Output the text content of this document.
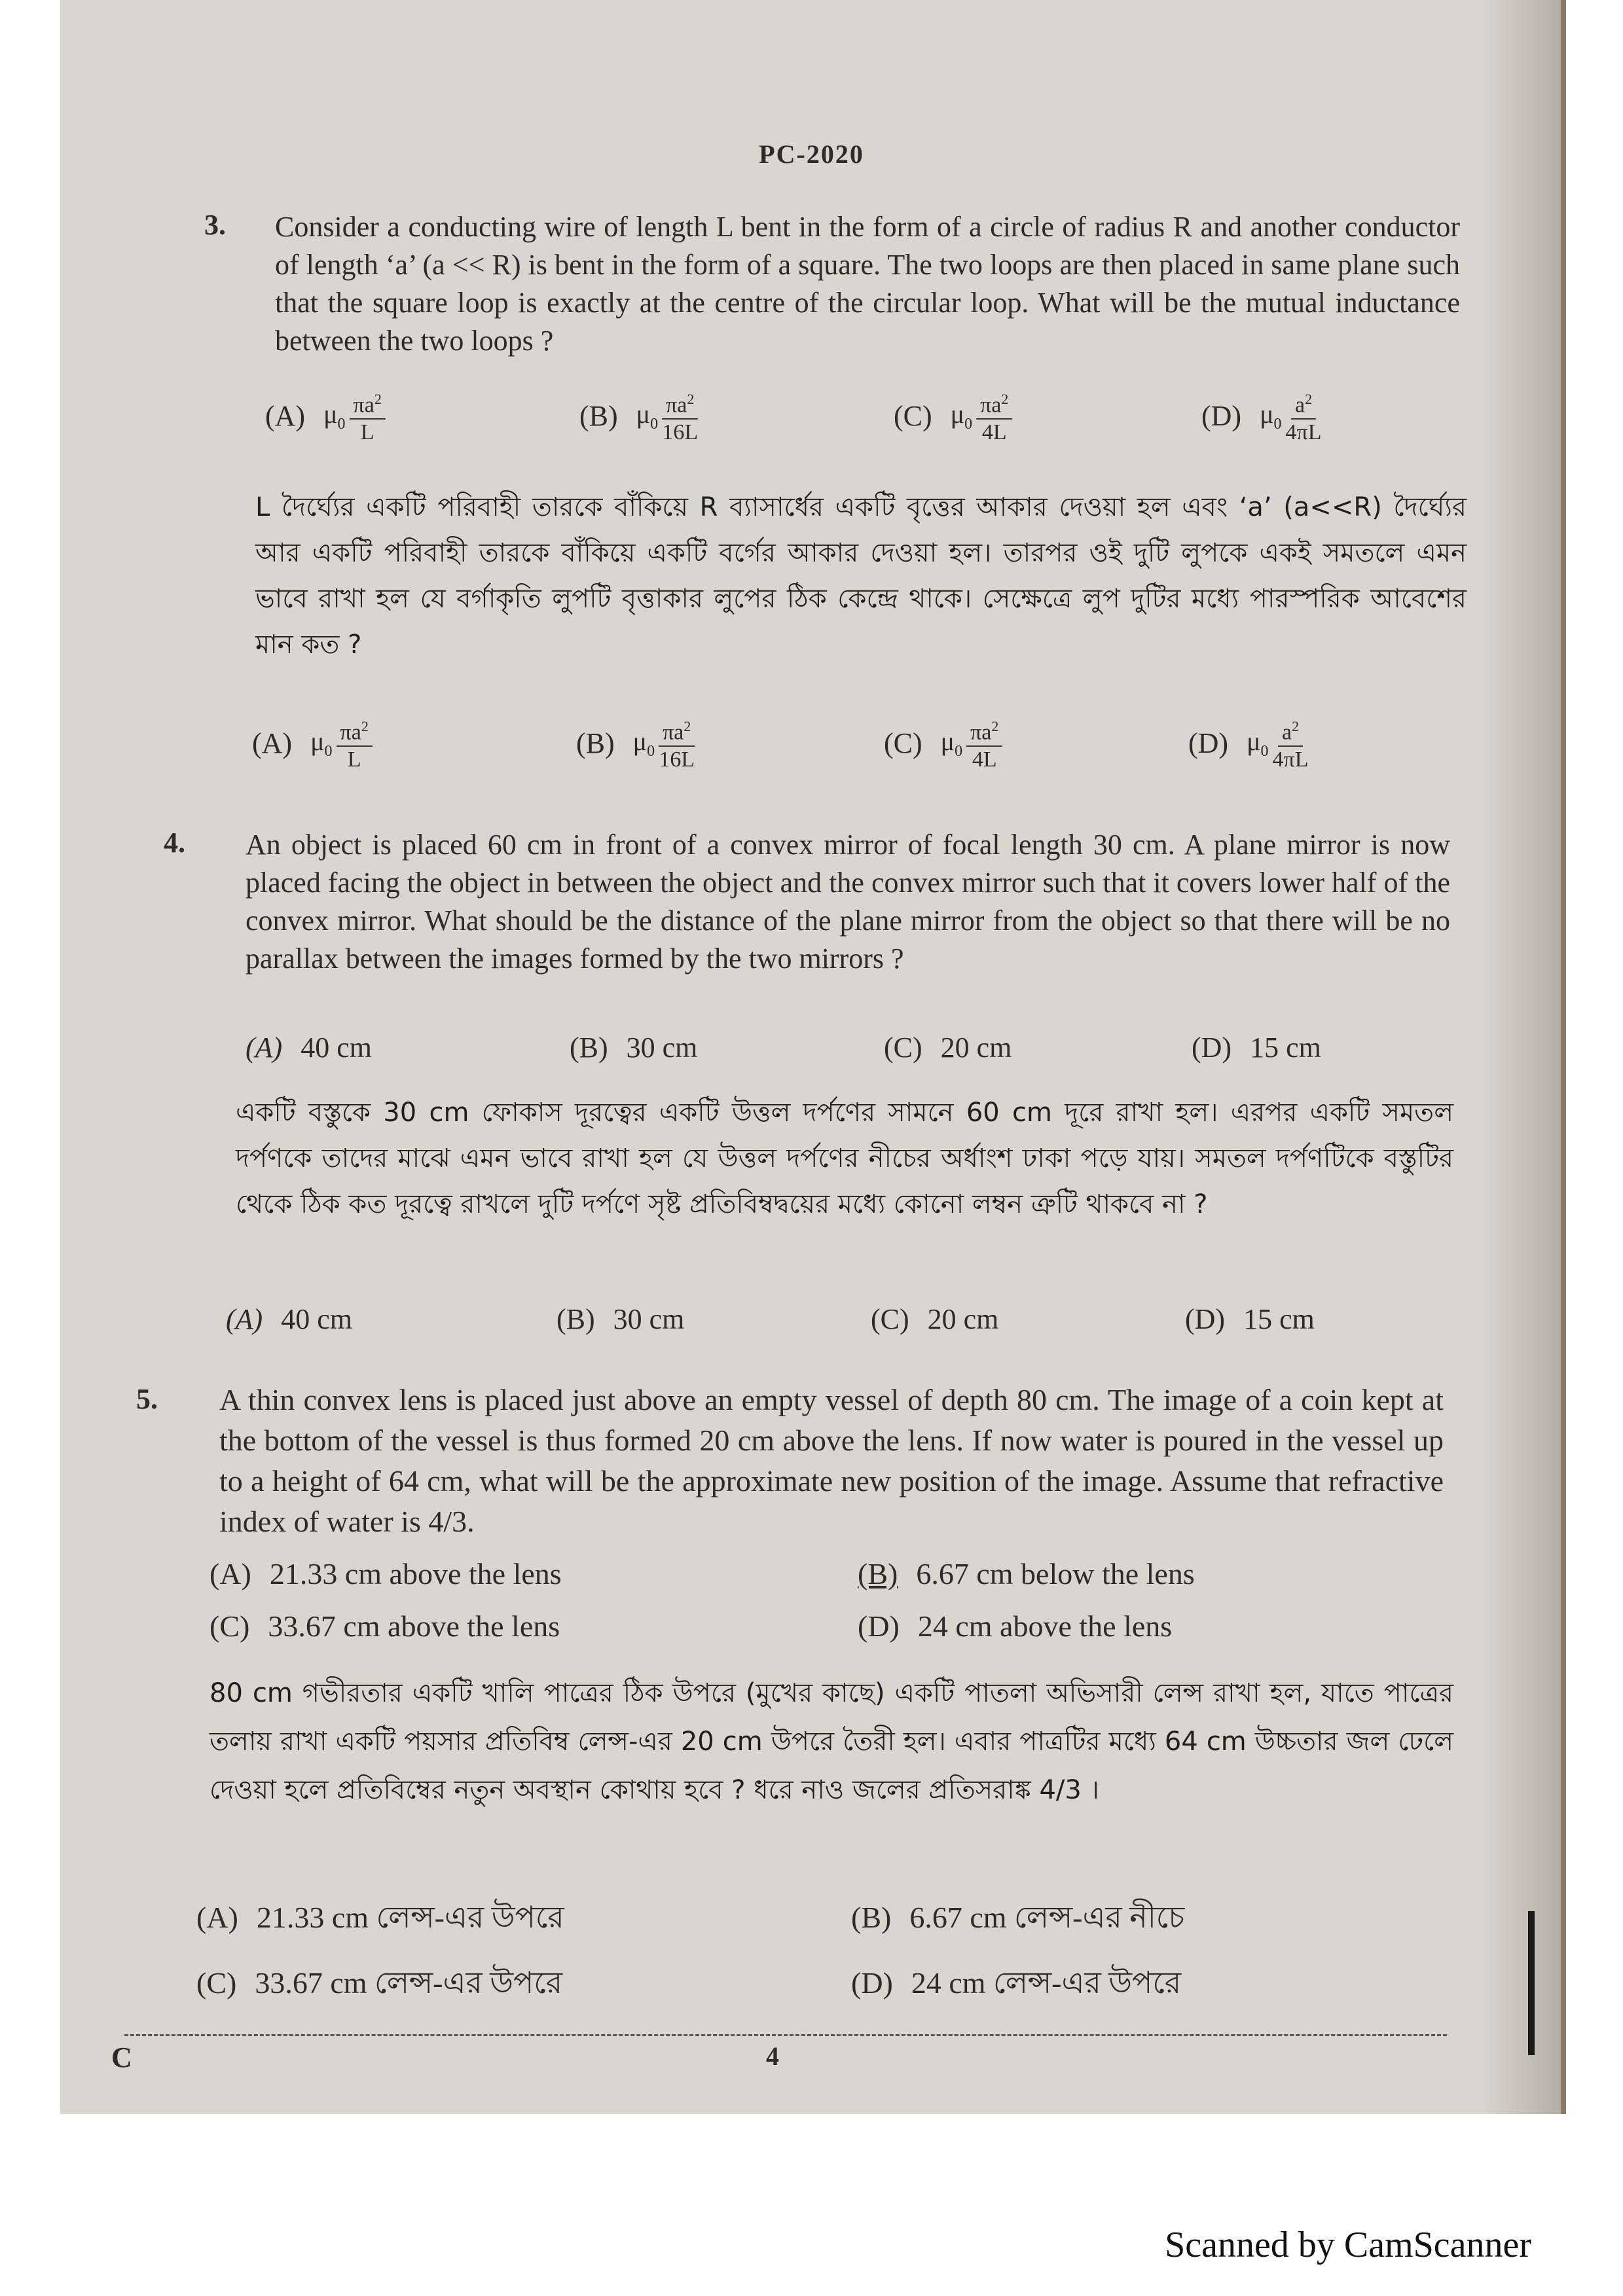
PC-2020
3. Consider a conducting wire of length L bent in the form of a circle of radius R and another conductor of length ‘a’ (a << R) is bent in the form of a square. The two loops are then placed in same plane such that the square loop is exactly at the centre of the circular loop. What will be the mutual inductance between the two loops ?
(A) $\mu_0 \frac{\pi a^2}{L}$	(B) $\mu_0 \frac{\pi a^2}{16L}$	(C) $\mu_0 \frac{\pi a^2}{4L}$	(D) $\mu_0 \frac{a^2}{4\pi L}$
L দৈর্ঘ্যের একটি পরিবাহী তারকে বাঁকিয়ে R ব্যাসার্ধের একটি বৃত্তের আকার দেওয়া হল এবং ‘a’ (a<<R) দৈর্ঘ্যের আর একটি পরিবাহী তারকে বাঁকিয়ে একটি বর্গের আকার দেওয়া হল। তারপর ওই দুটি লুপকে একই সমতলে এমন ভাবে রাখা হল যে বর্গাকৃতি লুপটি বৃত্তাকার লুপের ঠিক কেন্দ্রে থাকে। সেক্ষেত্রে লুপ দুটির মধ্যে পারস্পরিক আবেশের মান কত ?
(A) $\mu_0 \frac{\pi a^2}{L}$	(B) $\mu_0 \frac{\pi a^2}{16L}$	(C) $\mu_0 \frac{\pi a^2}{4L}$	(D) $\mu_0 \frac{a^2}{4\pi L}$
4. An object is placed 60 cm in front of a convex mirror of focal length 30 cm. A plane mirror is now placed facing the object in between the object and the convex mirror such that it covers lower half of the convex mirror. What should be the distance of the plane mirror from the object so that there will be no parallax between the images formed by the two mirrors ?
(A) 40 cm	(B) 30 cm	(C) 20 cm	(D) 15 cm
একটি বস্তুকে 30 cm ফোকাস দূরত্বের একটি উত্তল দর্পণের সামনে 60 cm দূরে রাখা হল। এরপর একটি সমতল দর্পণকে তাদের মাঝে এমন ভাবে রাখা হল যে উত্তল দর্পণের নীচের অর্ধাংশ ঢাকা পড়ে যায়। সমতল দর্পণটিকে বস্তুটির থেকে ঠিক কত দূরত্বে রাখলে দুটি দর্পণে সৃষ্ট প্রতিবিম্বদ্বয়ের মধ্যে কোনো লম্বন ত্রুটি থাকবে না ?
(A) 40 cm	(B) 30 cm	(C) 20 cm	(D) 15 cm
5. A thin convex lens is placed just above an empty vessel of depth 80 cm. The image of a coin kept at the bottom of the vessel is thus formed 20 cm above the lens. If now water is poured in the vessel up to a height of 64 cm, what will be the approximate new position of the image. Assume that refractive index of water is 4/3.
(A) 21.33 cm above the lens	(B) 6.67 cm below the lens
(C) 33.67 cm above the lens	(D) 24 cm above the lens
80 cm গভীরতার একটি খালি পাত্রের ঠিক উপরে (মুখের কাছে) একটি পাতলা অভিসারী লেন্স রাখা হল, যাতে পাত্রের তলায় রাখা একটি পয়সার প্রতিবিম্ব লেন্স-এর 20 cm উপরে তৈরী হল। এবার পাত্রটির মধ্যে 64 cm উচ্চতার জল ঢেলে দেওয়া হলে প্রতিবিম্বের নতুন অবস্থান কোথায় হবে ? ধরে নাও জলের প্রতিসরাঙ্ক 4/3 ।
(A) 21.33 cm লেন্স-এর উপরে	(B) 6.67 cm লেন্স-এর নীচে
(C) 33.67 cm লেন্স-এর উপরে	(D) 24 cm লেন্স-এর উপরে
C	4
Scanned by CamScanner
